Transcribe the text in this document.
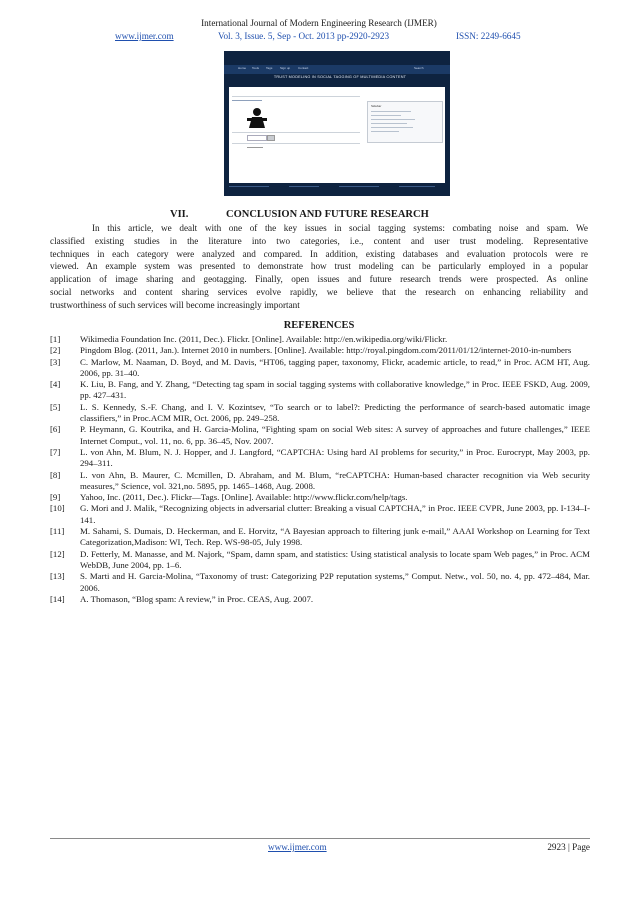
International Journal of Modern Engineering Research (IJMER)
www.ijmer.com	Vol. 3, Issue. 5, Sep - Oct. 2013 pp-2920-2923	ISSN: 2249-6645
Home Tools Tags	Sign up	Contact	Search
TRUST MODELING IN SOCIAL TAGGING OF MULTIMEDIA CONTENT
Sidebar
VII.	CONCLUSION AND FUTURE RESEARCH
In this article, we dealt with one of the key issues in social tagging systems: combating noise and spam. We
classified existing studies in the literature into two categories, i.e., content and user trust modeling. Representative
techniques in each category were analyzed and compared. In addition, existing databases and evaluation protocols were re
viewed. An example system was presented to demonstrate how trust modeling can be particularly employed in a popular
application of image sharing and geotagging. Finally, open issues and future research trends were prospected. As online
social networks and content sharing services evolve rapidly, we believe that the research on enhancing reliability and
trustworthiness of such services will become increasingly important
REFERENCES
[1] Wikimedia Foundation Inc. (2011, Dec.). Flickr. [Online]. Available: http://en.wikipedia.org/wiki/Flickr.
[2] Pingdom Blog. (2011, Jan.). Internet 2010 in numbers. [Online]. Available: http://royal.pingdom.com/2011/01/12/internet-2010-in-numbers
[3] C. Marlow, M. Naaman, D. Boyd, and M. Davis, “HT06, tagging paper, taxonomy, Flickr, academic article, to read,” in Proc. ACM HT, Aug. 2006, pp. 31–40.
[4] K. Liu, B. Fang, and Y. Zhang, “Detecting tag spam in social tagging systems with collaborative knowledge,” in Proc. IEEE FSKD, Aug. 2009, pp. 427–431.
[5] L. S. Kennedy, S.-F. Chang, and I. V. Kozintsev, “To search or to label?: Predicting the performance of search-based automatic image classifiers,” in Proc.ACM MIR, Oct. 2006, pp. 249–258.
[6] P. Heymann, G. Koutrika, and H. Garcia-Molina, “Fighting spam on social Web sites: A survey of approaches and future challenges,” IEEE Internet Comput., vol. 11, no. 6, pp. 36–45, Nov. 2007.
[7] L. von Ahn, M. Blum, N. J. Hopper, and J. Langford, “CAPTCHA: Using hard AI problems for security,” in Proc. Eurocrypt, May 2003, pp. 294–311.
[8] L. von Ahn, B. Maurer, C. Mcmillen, D. Abraham, and M. Blum, “reCAPTCHA: Human-based character recognition via Web security measures,” Science, vol. 321,no. 5895, pp. 1465–1468, Aug. 2008.
[9] Yahoo, Inc. (2011, Dec.). Flickr—Tags. [Online]. Available: http://www.flickr.com/help/tags.
[10] G. Mori and J. Malik, “Recognizing objects in adversarial clutter: Breaking a visual CAPTCHA,” in Proc. IEEE CVPR, June 2003, pp. I-134–I-141.
[11] M. Sahami, S. Dumais, D. Heckerman, and E. Horvitz, “A Bayesian approach to filtering junk e-mail,” AAAI Workshop on Learning for Text Categorization,Madison: WI, Tech. Rep. WS-98-05, July 1998.
[12] D. Fetterly, M. Manasse, and M. Najork, “Spam, damn spam, and statistics: Using statistical analysis to locate spam Web pages,” in Proc. ACM WebDB, June 2004, pp. 1–6.
[13] S. Marti and H. Garcia-Molina, “Taxonomy of trust: Categorizing P2P reputation systems,” Comput. Netw., vol. 50, no. 4, pp. 472–484, Mar. 2006.
[14] A. Thomason, “Blog spam: A review,” in Proc. CEAS, Aug. 2007.
www.ijmer.com	2923 | Page
